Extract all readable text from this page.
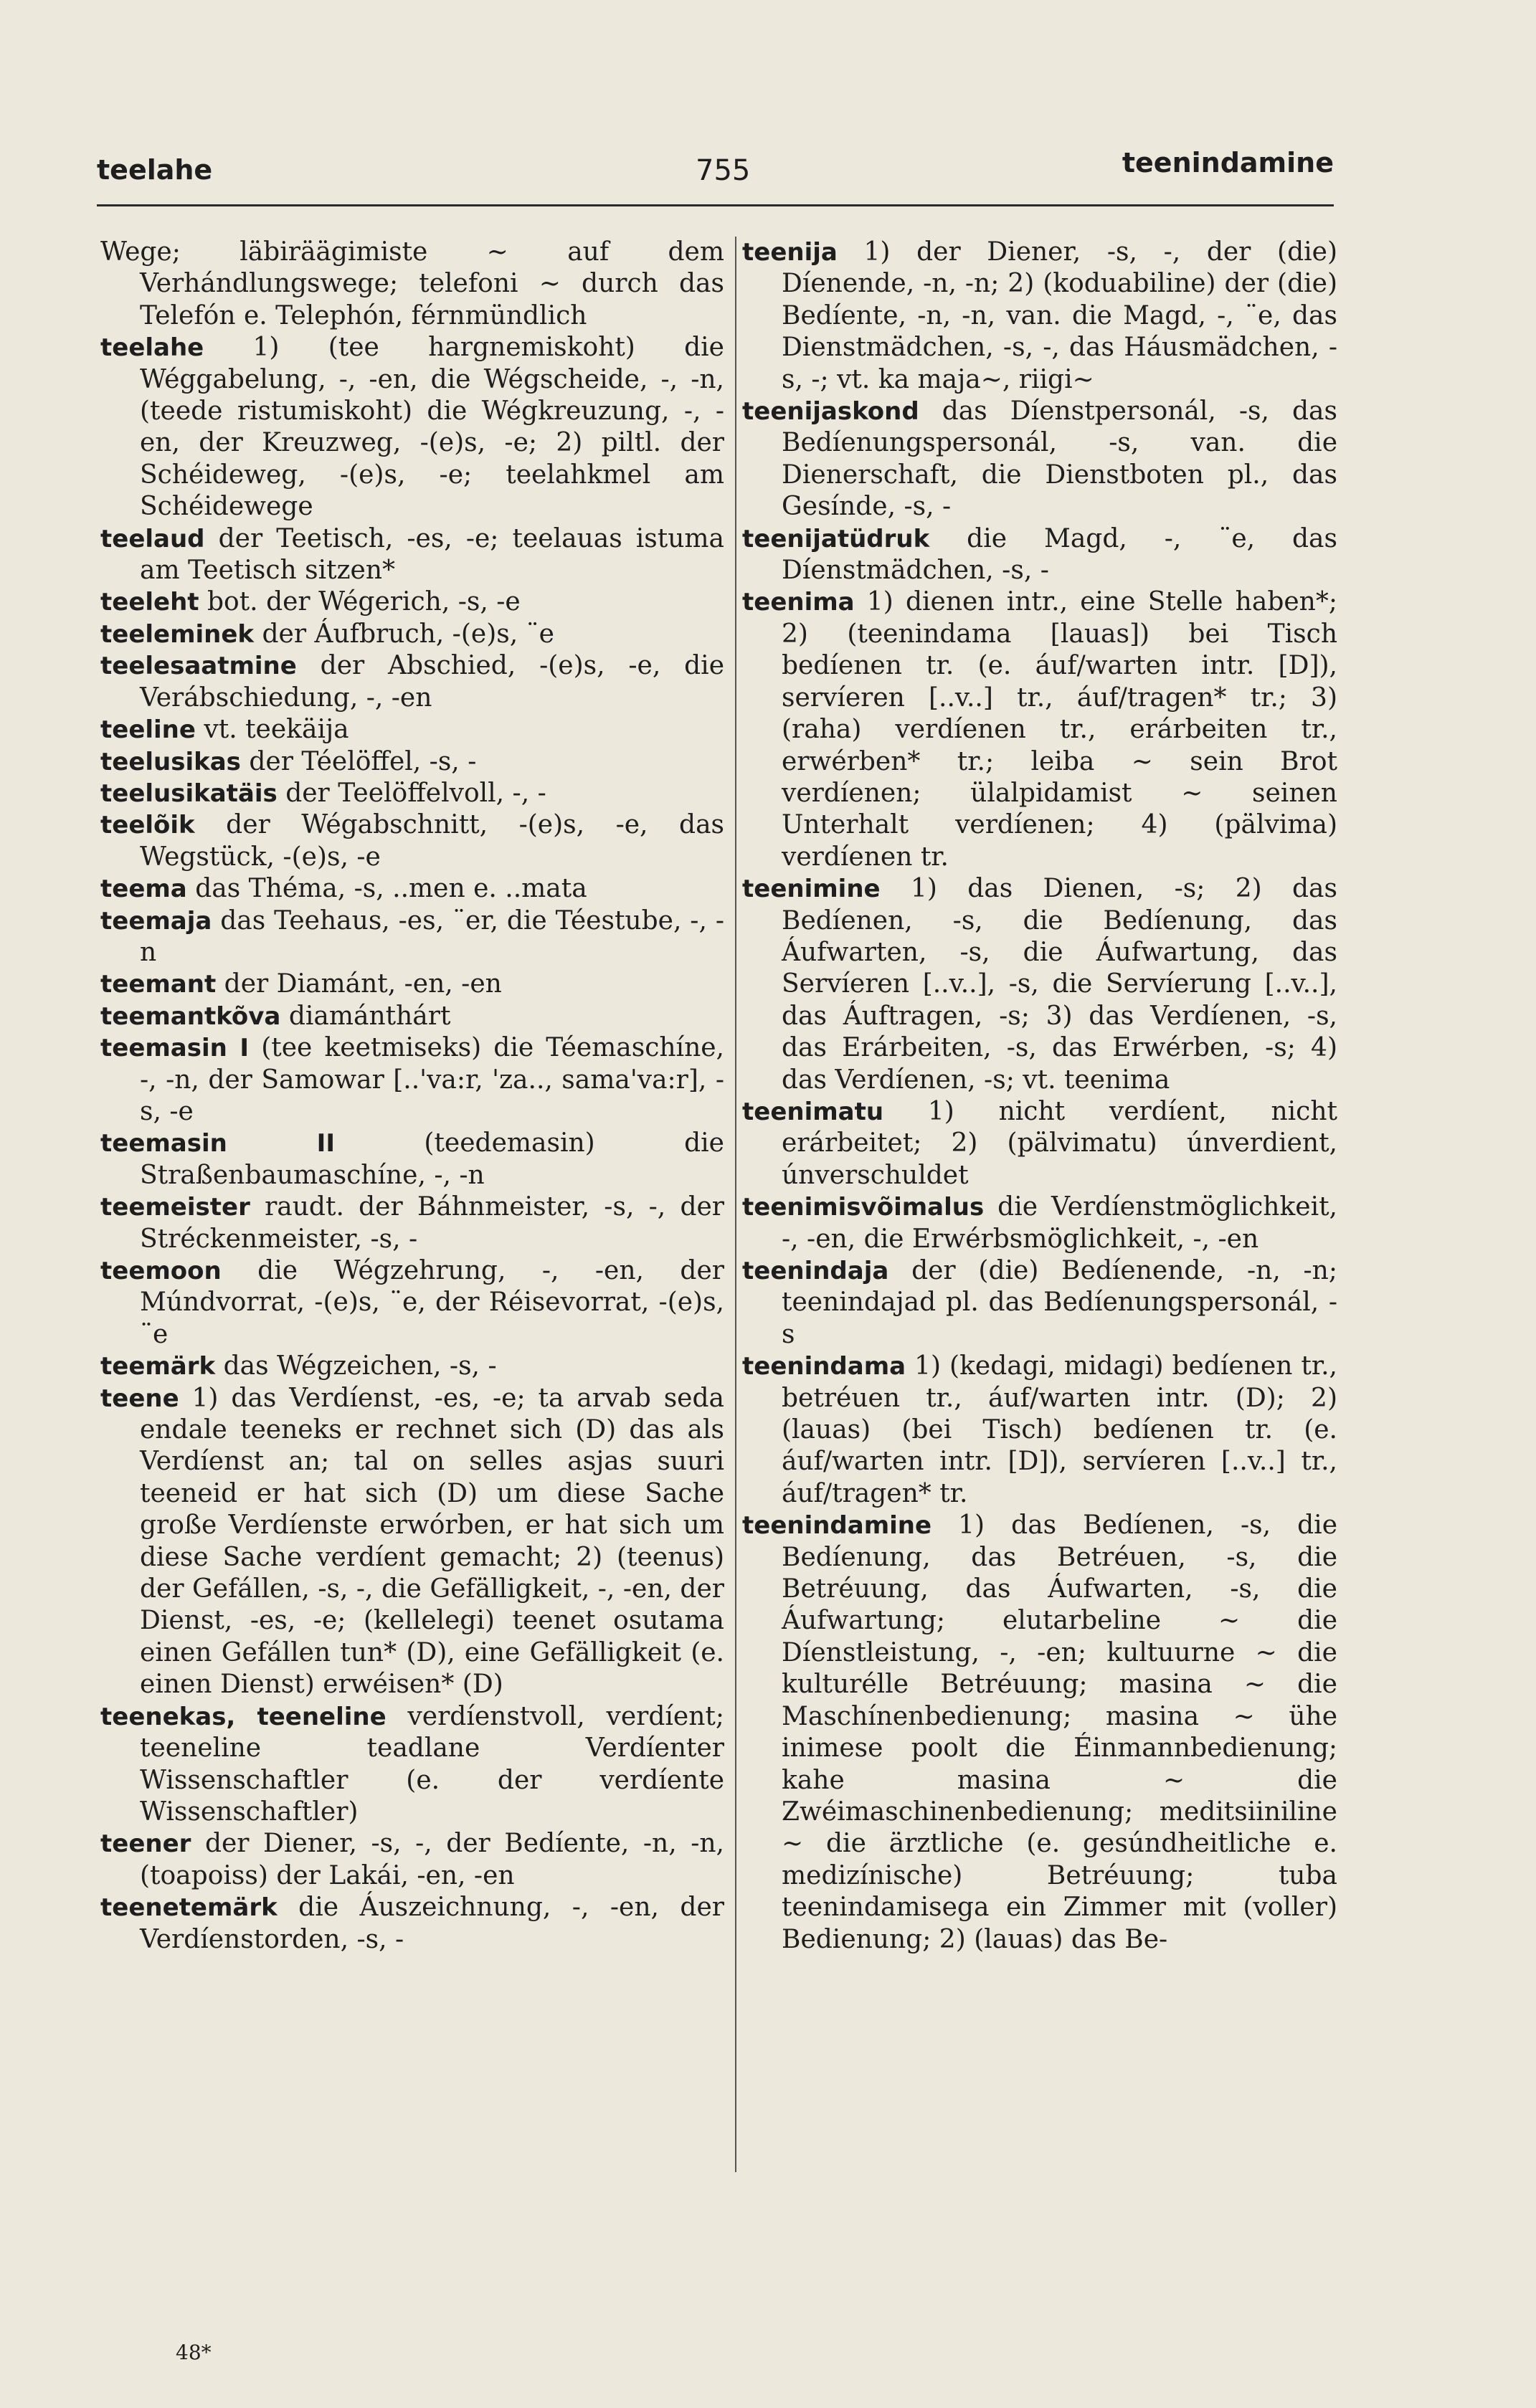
teelahe	755	teenindamine

Wege; läbiräägimiste ~ auf dem Verhándlungswege; telefoni ~ durch das Telefón e. Telephón, férnmündlich

teelahe 1) (tee hargnemiskoht) die Wéggabelung, -, -en, die Wégscheide, -, -n, (teede ristumiskoht) die Wégkreuzung, -, -en, der Kreuzweg, -(e)s, -e; 2) piltl. der Schéideweg, -(e)s, -e; teelahkmel am Schéidewege

teelaud der Teetisch, -es, -e; teelauas istuma am Teetisch sitzen*

teeleht bot. der Wégerich, -s, -e

teeleminek der Áufbruch, -(e)s, ¨e

teelesaatmine der Abschied, -(e)s, -e, die Verábschiedung, -, -en

teeline vt. teekäija

teelusikas der Téelöffel, -s, -

teelusikatäis der Teelöffelvoll, -, -

teelõik der Wégabschnitt, -(e)s, -e, das Wegstück, -(e)s, -e

teema das Théma, -s, ..men e. ..mata

teemaja das Teehaus, -es, ¨er, die Téestube, -, -n

teemant der Diamánt, -en, -en

teemantkõva diamánthárt

teemasin I (tee keetmiseks) die Téemaschíne, -, -n, der Samowar [..'va:r, 'za.., sama'va:r], -s, -e

teemasin II (teedemasin) die Straßenbaumaschíne, -, -n

teemeister raudt. der Báhnmeister, -s, -, der Stréckenmeister, -s, -

teemoon die Wégzehrung, -, -en, der Múndvorrat, -(e)s, ¨e, der Réisevorrat, -(e)s, ¨e

teemärk das Wégzeichen, -s, -

teene 1) das Verdíenst, -es, -e; ta arvab seda endale teeneks er rechnet sich (D) das als Verdíenst an; tal on selles asjas suuri teeneid er hat sich (D) um diese Sache große Verdíenste erwórben, er hat sich um diese Sache verdíent gemacht; 2) (teenus) der Gefállen, -s, -, die Gefälligkeit, -, -en, der Dienst, -es, -e; (kellelegi) teenet osutama einen Gefállen tun* (D), eine Gefälligkeit (e. einen Dienst) erwéisen* (D)

teenekas, teeneline verdíenstvoll, verdíent; teeneline teadlane Verdíenter Wissenschaftler (e. der verdíente Wissenschaftler)

teener der Diener, -s, -, der Bedíente, -n, -n, (toapoiss) der Lakái, -en, -en

teenetemärk die Áuszeichnung, -, -en, der Verdíenstorden, -s, -

teenija 1) der Diener, -s, -, der (die) Díenende, -n, -n; 2) (koduabiline) der (die) Bedíente, -n, -n, van. die Magd, -, ¨e, das Dienstmädchen, -s, -, das Háusmädchen, -s, -; vt. ka maja~, riigi~

teenijaskond das Díenstpersonál, -s, das Bedíenungspersonál, -s, van. die Dienerschaft, die Dienstboten pl., das Gesínde, -s, -

teenijatüdruk die Magd, -, ¨e, das Díenstmädchen, -s, -

teenima 1) dienen intr., eine Stelle haben*; 2) (teenindama [lauas]) bei Tisch bedíenen tr. (e. áuf/warten intr. [D]), servíeren [..v..] tr., áuf/tragen* tr.; 3) (raha) verdíenen tr., erárbeiten tr., erwérben* tr.; leiba ~ sein Brot verdíenen; ülalpidamist ~ seinen Unterhalt verdíenen; 4) (pälvima) verdíenen tr.

teenimine 1) das Dienen, -s; 2) das Bedíenen, -s, die Bedíenung, das Áufwarten, -s, die Áufwartung, das Servíeren [..v..], -s, die Servíerung [..v..], das Áuftragen, -s; 3) das Verdíenen, -s, das Erárbeiten, -s, das Erwérben, -s; 4) das Verdíenen, -s; vt. teenima

teenimatu 1) nicht verdíent, nicht erárbeitet; 2) (pälvimatu) únverdient, únverschuldet

teenimisvõimalus die Verdíenstmöglichkeit, -, -en, die Erwérbsmöglichkeit, -, -en

teenindaja der (die) Bedíenende, -n, -n; teenindajad pl. das Bedíenungspersonál, -s

teenindama 1) (kedagi, midagi) bedíenen tr., betréuen tr., áuf/warten intr. (D); 2) (lauas) (bei Tisch) bedíenen tr. (e. áuf/warten intr. [D]), servíeren [..v..] tr., áuf/tragen* tr.

teenindamine 1) das Bedíenen, -s, die Bedíenung, das Betréuen, -s, die Betréuung, das Áufwarten, -s, die Áufwartung; elutarbeline ~ die Díenstleistung, -, -en; kultuurne ~ die kulturélle Betréuung; masina ~ die Maschínenbedienung; masina ~ ühe inimese poolt die Éinmannbedienung; kahe masina ~ die Zwéimaschinenbedienung; meditsiiniline ~ die ärztliche (e. gesúndheitliche e. medizínische) Betréuung; tuba teenindamisega ein Zimmer mit (voller) Bedienung; 2) (lauas) das Be-

48*
